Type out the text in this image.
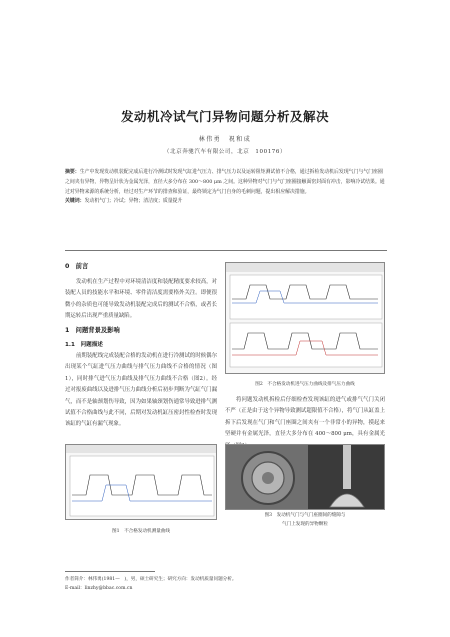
发动机冷试气门异物问题分析及解决
林伟勇　祝和成
（北京奔驰汽车有限公司，北京　100176）
摘要：生产中发现发动机装配完成后进行冷测试时发现气缸进气压力、排气压力以及运转阻矩测试值不合格，通过拆检发动机后发现气门与气门座圈之间夹有异物，异物呈针状为金属光泽，直径大多分布在 300～800 μm 之间。这种异物对气门与气门座圈接触面密封面有冲击，影响冷试结果。通过对异物来源的系统分析，经过对生产环节的排查和验证，最终锁定为气门自身的毛刺问题，提出相应解决措施。
关键词：发动机气门；冷试；异物；清洁度；质量提升
0　前言

发动机在生产过程中对环境清洁度和装配精度要求较高，对装配人员的技能水平和环境、零件清洁度需要格外关注。即便很微小的杂质也可能导致发动机装配完成后的测试不合格，或者长期运转后出现严重质量缺陷。

1　问题背景及影响
1.1　问题描述

前期装配线完成装配合格的发动机在进行冷测试的时候偶尔出现某个气缸进气压力曲线与排气压力曲线不合格的情况（图1），同时排气进气压力曲线及排气压力曲线不合格（图2）。经过对报废曲线以及进排气压力曲线分析后初步判断为气缸气门漏气，而不是轴颈划伤导致，因为如果轴颈划伤通常导致进排气测试值不合格曲线与此不同，后期对发动机缸压密封性检查时发现该缸的气缸有漏气现象。

图2　不合格发动机进气压力曲线及排气压力曲线

将问题发动机拆检后仔细检查发现该缸的进气或排气气门关闭不严（正是由于这个异物导致测试超限值不合格），将气门从缸盖上拆下后发现在气门和气门座圈之间夹有一个非常小的异物，摸起来坚硬并有金属光泽，直径大多分布在 400～800 μm，具有金属光

图1　不合格发动机测量曲线
图3　发动机气门与气门座圈间的缝隙与
气门上发现的异物颗粒
作者简介：林伟勇(1981—　)，男，硕士研究生；研究方向：发动机质量问题分析。
E-mail：linzhy@bbac.com.cn
